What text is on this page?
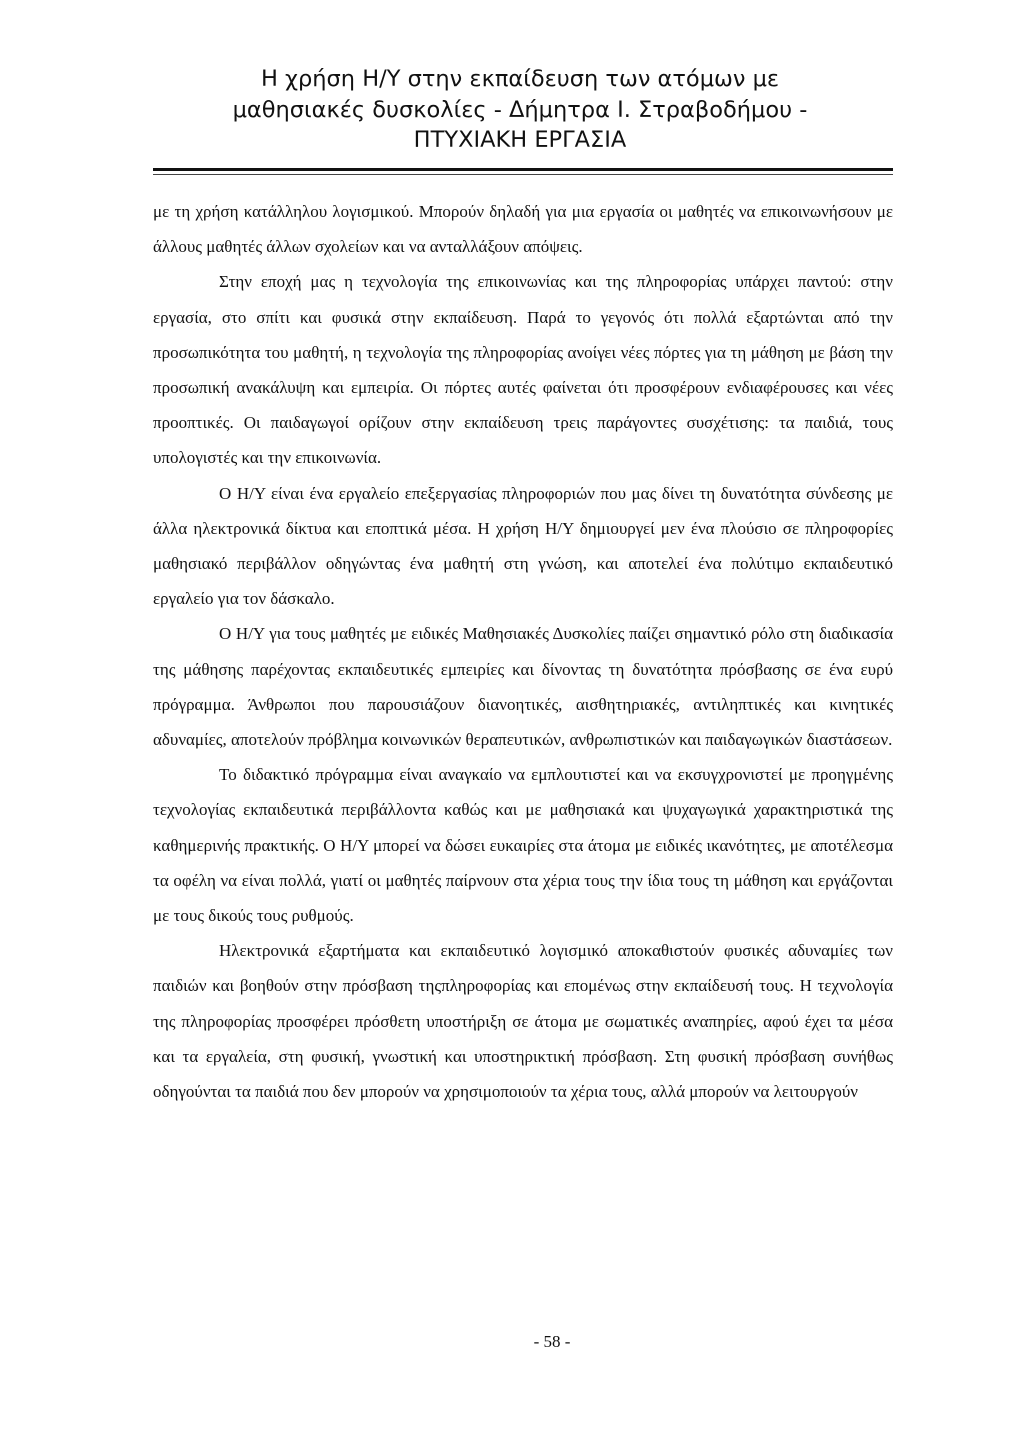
Η χρήση Η/Υ στην εκπαίδευση των ατόμων με
μαθησιακές δυσκολίες - Δήμητρα Ι. Στραβοδήμου -
ΠΤΥΧΙΑΚΗ ΕΡΓΑΣΙΑ

με τη χρήση κατάλληλου λογισμικού. Μπορούν δηλαδή για μια εργασία οι μαθητές να επικοινωνήσουν με άλλους μαθητές άλλων σχολείων και να ανταλλάξουν απόψεις.

Στην εποχή μας η τεχνολογία της επικοινωνίας και της πληροφορίας υπάρχει παντού: στην εργασία, στο σπίτι και φυσικά στην εκπαίδευση. Παρά το γεγονός ότι πολλά εξαρτώνται από την προσωπικότητα του μαθητή, η τεχνολογία της πληροφορίας ανοίγει νέες πόρτες για τη μάθηση με βάση την προσωπική ανακάλυψη και εμπειρία. Οι πόρτες αυτές φαίνεται ότι προσφέρουν ενδιαφέρουσες και νέες προοπτικές. Οι παιδαγωγοί ορίζουν στην εκπαίδευση τρεις παράγοντες συσχέτισης: τα παιδιά, τους υπολογιστές και την επικοινωνία.

Ο Η/Υ είναι ένα εργαλείο επεξεργασίας πληροφοριών που μας δίνει τη δυνατότητα σύνδεσης με άλλα ηλεκτρονικά δίκτυα και εποπτικά μέσα. Η χρήση Η/Υ δημιουργεί μεν ένα πλούσιο σε πληροφορίες μαθησιακό περιβάλλον οδηγώντας ένα μαθητή στη γνώση, και αποτελεί ένα πολύτιμο εκπαιδευτικό εργαλείο για τον δάσκαλο.

Ο Η/Υ για τους μαθητές με ειδικές Μαθησιακές Δυσκολίες παίζει σημαντικό ρόλο στη διαδικασία της μάθησης παρέχοντας εκπαιδευτικές εμπειρίες και δίνοντας τη δυνατότητα πρόσβασης σε ένα ευρύ πρόγραμμα. Άνθρωποι που παρουσιάζουν διανοητικές, αισθητηριακές, αντιληπτικές και κινητικές αδυναμίες, αποτελούν πρόβλημα κοινωνικών θεραπευτικών, ανθρωπιστικών και παιδαγωγικών διαστάσεων.

Το διδακτικό πρόγραμμα είναι αναγκαίο να εμπλουτιστεί και να εκσυγχρονιστεί με προηγμένης τεχνολογίας εκπαιδευτικά περιβάλλοντα καθώς και με μαθησιακά και ψυχαγωγικά χαρακτηριστικά της καθημερινής πρακτικής. Ο Η/Υ μπορεί να δώσει ευκαιρίες στα άτομα με ειδικές ικανότητες, με αποτέλεσμα τα οφέλη να είναι πολλά, γιατί οι μαθητές παίρνουν στα χέρια τους την ίδια τους τη μάθηση και εργάζονται με τους δικούς τους ρυθμούς.

Ηλεκτρονικά εξαρτήματα και εκπαιδευτικό λογισμικό αποκαθιστούν φυσικές αδυναμίες των παιδιών και βοηθούν στην πρόσβαση τηςπληροφορίας και επομένως στην εκπαίδευσή τους. Η τεχνολογία της πληροφορίας προσφέρει πρόσθετη υποστήριξη σε άτομα με σωματικές αναπηρίες, αφού έχει τα μέσα και τα εργαλεία, στη φυσική, γνωστική και υποστηρικτική πρόσβαση. Στη φυσική πρόσβαση συνήθως οδηγούνται τα παιδιά που δεν μπορούν να χρησιμοποιούν τα χέρια τους, αλλά μπορούν να λειτουργούν

- 58 -
